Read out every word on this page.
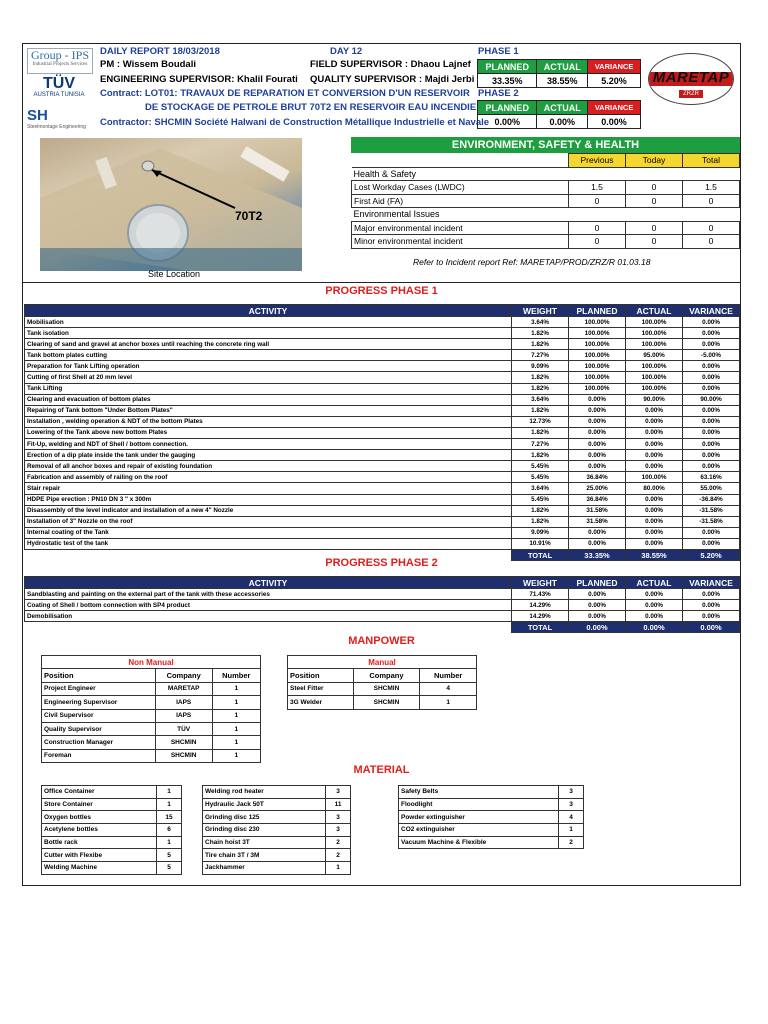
Group - IPS
Industrial Projects Services
TÜV
AUSTRIA TUNISIA
SH
Steelmontage Engineering
DAILY REPORT 18/03/2018	DAY 12
PM : Wissem Boudali	FIELD SUPERVISOR : Dhaou Lajnef
ENGINEERING SUPERVISOR: Khalil Fourati QUALITY SUPERVISOR : Majdi Jerbi
Contract: LOT01: TRAVAUX DE REPARATION ET CONVERSION D'UN RESERVOIR
DE STOCKAGE DE PETROLE BRUT 70T2 EN RESERVOIR EAU INCENDIE
Contractor: SHCMIN Société Halwani de Construction Métallique Industrielle et Navale
PHASE 1
PLANNED	ACTUAL	VARIANCE
33.35%	38.55%	5.20%
PHASE 2
PLANNED	ACTUAL	VARIANCE
0.00%	0.00%	0.00%
MARETAP
ZRZR
70T2
Site Location
ENVIRONMENT, SAFETY & HEALTH
	Previous	Today	Total
Health & Safety			
Lost Workday Cases (LWDC)	1.5	0	1.5
First Aid (FA)	0	0	0
Environmental Issues			
Major environmental incident	0	0	0
Minor environmental incident	0	0	0
Refer to Incident report Ref: MARETAP/PROD/ZRZ/R 01.03.18
PROGRESS PHASE 1
ACTIVITY	WEIGHT	PLANNED	ACTUAL	VARIANCE
Mobilisation	3.64%	100.00%	100.00%	0.00%
Tank isolation	1.82%	100.00%	100.00%	0.00%
Clearing of sand and gravel at anchor boxes until reaching the concrete ring wall	1.82%	100.00%	100.00%	0.00%
Tank bottom plates cutting	7.27%	100.00%	95.00%	-5.00%
Preparation for Tank Lifting operation	9.09%	100.00%	100.00%	0.00%
Cutting of first Shell at 20 mm level	1.82%	100.00%	100.00%	0.00%
Tank Lifting	1.82%	100.00%	100.00%	0.00%
Clearing and evacuation of bottom plates	3.64%	0.00%	90.00%	90.00%
Repairing of Tank bottom "Under Bottom Plates"	1.82%	0.00%	0.00%	0.00%
Installation , welding operation & NDT of the bottom Plates	12.73%	0.00%	0.00%	0.00%
Lowering of the Tank above new bottom Plates	1.82%	0.00%	0.00%	0.00%
Fit-Up, welding and NDT of Shell / bottom connection.	7.27%	0.00%	0.00%	0.00%
Erection of a dip plate inside the tank under the gauging	1.82%	0.00%	0.00%	0.00%
Removal of all anchor boxes and repair of existing foundation	5.45%	0.00%	0.00%	0.00%
Fabrication and assembly of railing on the roof	5.45%	36.84%	100.00%	63.16%
Stair repair	3.64%	25.00%	80.00%	55.00%
HDPE Pipe erection : PN10 DN 3 " x 300m	5.45%	36.84%	0.00%	-36.84%
Disassembly of the level indicator and installation of a new 4" Nozzle	1.82%	31.58%	0.00%	-31.58%
Installation of 3" Nozzle on the roof	1.82%	31.58%	0.00%	-31.58%
Internal coating of the Tank	9.09%	0.00%	0.00%	0.00%
Hydrostatic test of the tank	10.91%	0.00%	0.00%	0.00%
	TOTAL	33.35%	38.55%	5.20%
PROGRESS PHASE 2
ACTIVITY	WEIGHT	PLANNED	ACTUAL	VARIANCE
Sandblasting and painting on the external part of the tank with these accessories	71.43%	0.00%	0.00%	0.00%
Coating of Shell / bottom connection with SP4 product	14.29%	0.00%	0.00%	0.00%
Demobilisation	14.29%	0.00%	0.00%	0.00%
	TOTAL	0.00%	0.00%	0.00%
MANPOWER
Non Manual		
Position	Company	Number
Project Engineer	MARETAP	1
Engineering Supervisor	IAPS	1
Civil Supervisor	IAPS	1
Quality Supervisor	TÜV	1
Construction Manager	SHCMIN	1
Foreman	SHCMIN	1
Manual		
Position	Company	Number
Steel Fitter	SHCMIN	4
3G Welder	SHCMIN	1
MATERIAL
Office Container	1
Store Container	1
Oxygen bottles	15
Acetylene bottles	6
Bottle rack	1
Cutter with Flexibe	5
Welding Machine	5
Welding rod heater	3
Hydraulic Jack 50T	11
Grinding disc 125	3
Grinding disc 230	3
Chain hoist 3T	2
Tire chain 3T / 3M	2
Jackhammer	1
Safety Belts	3
Floodlight	3
Powder extinguisher	4
CO2 extinguisher	1
Vacuum Machine & Flexible	2
